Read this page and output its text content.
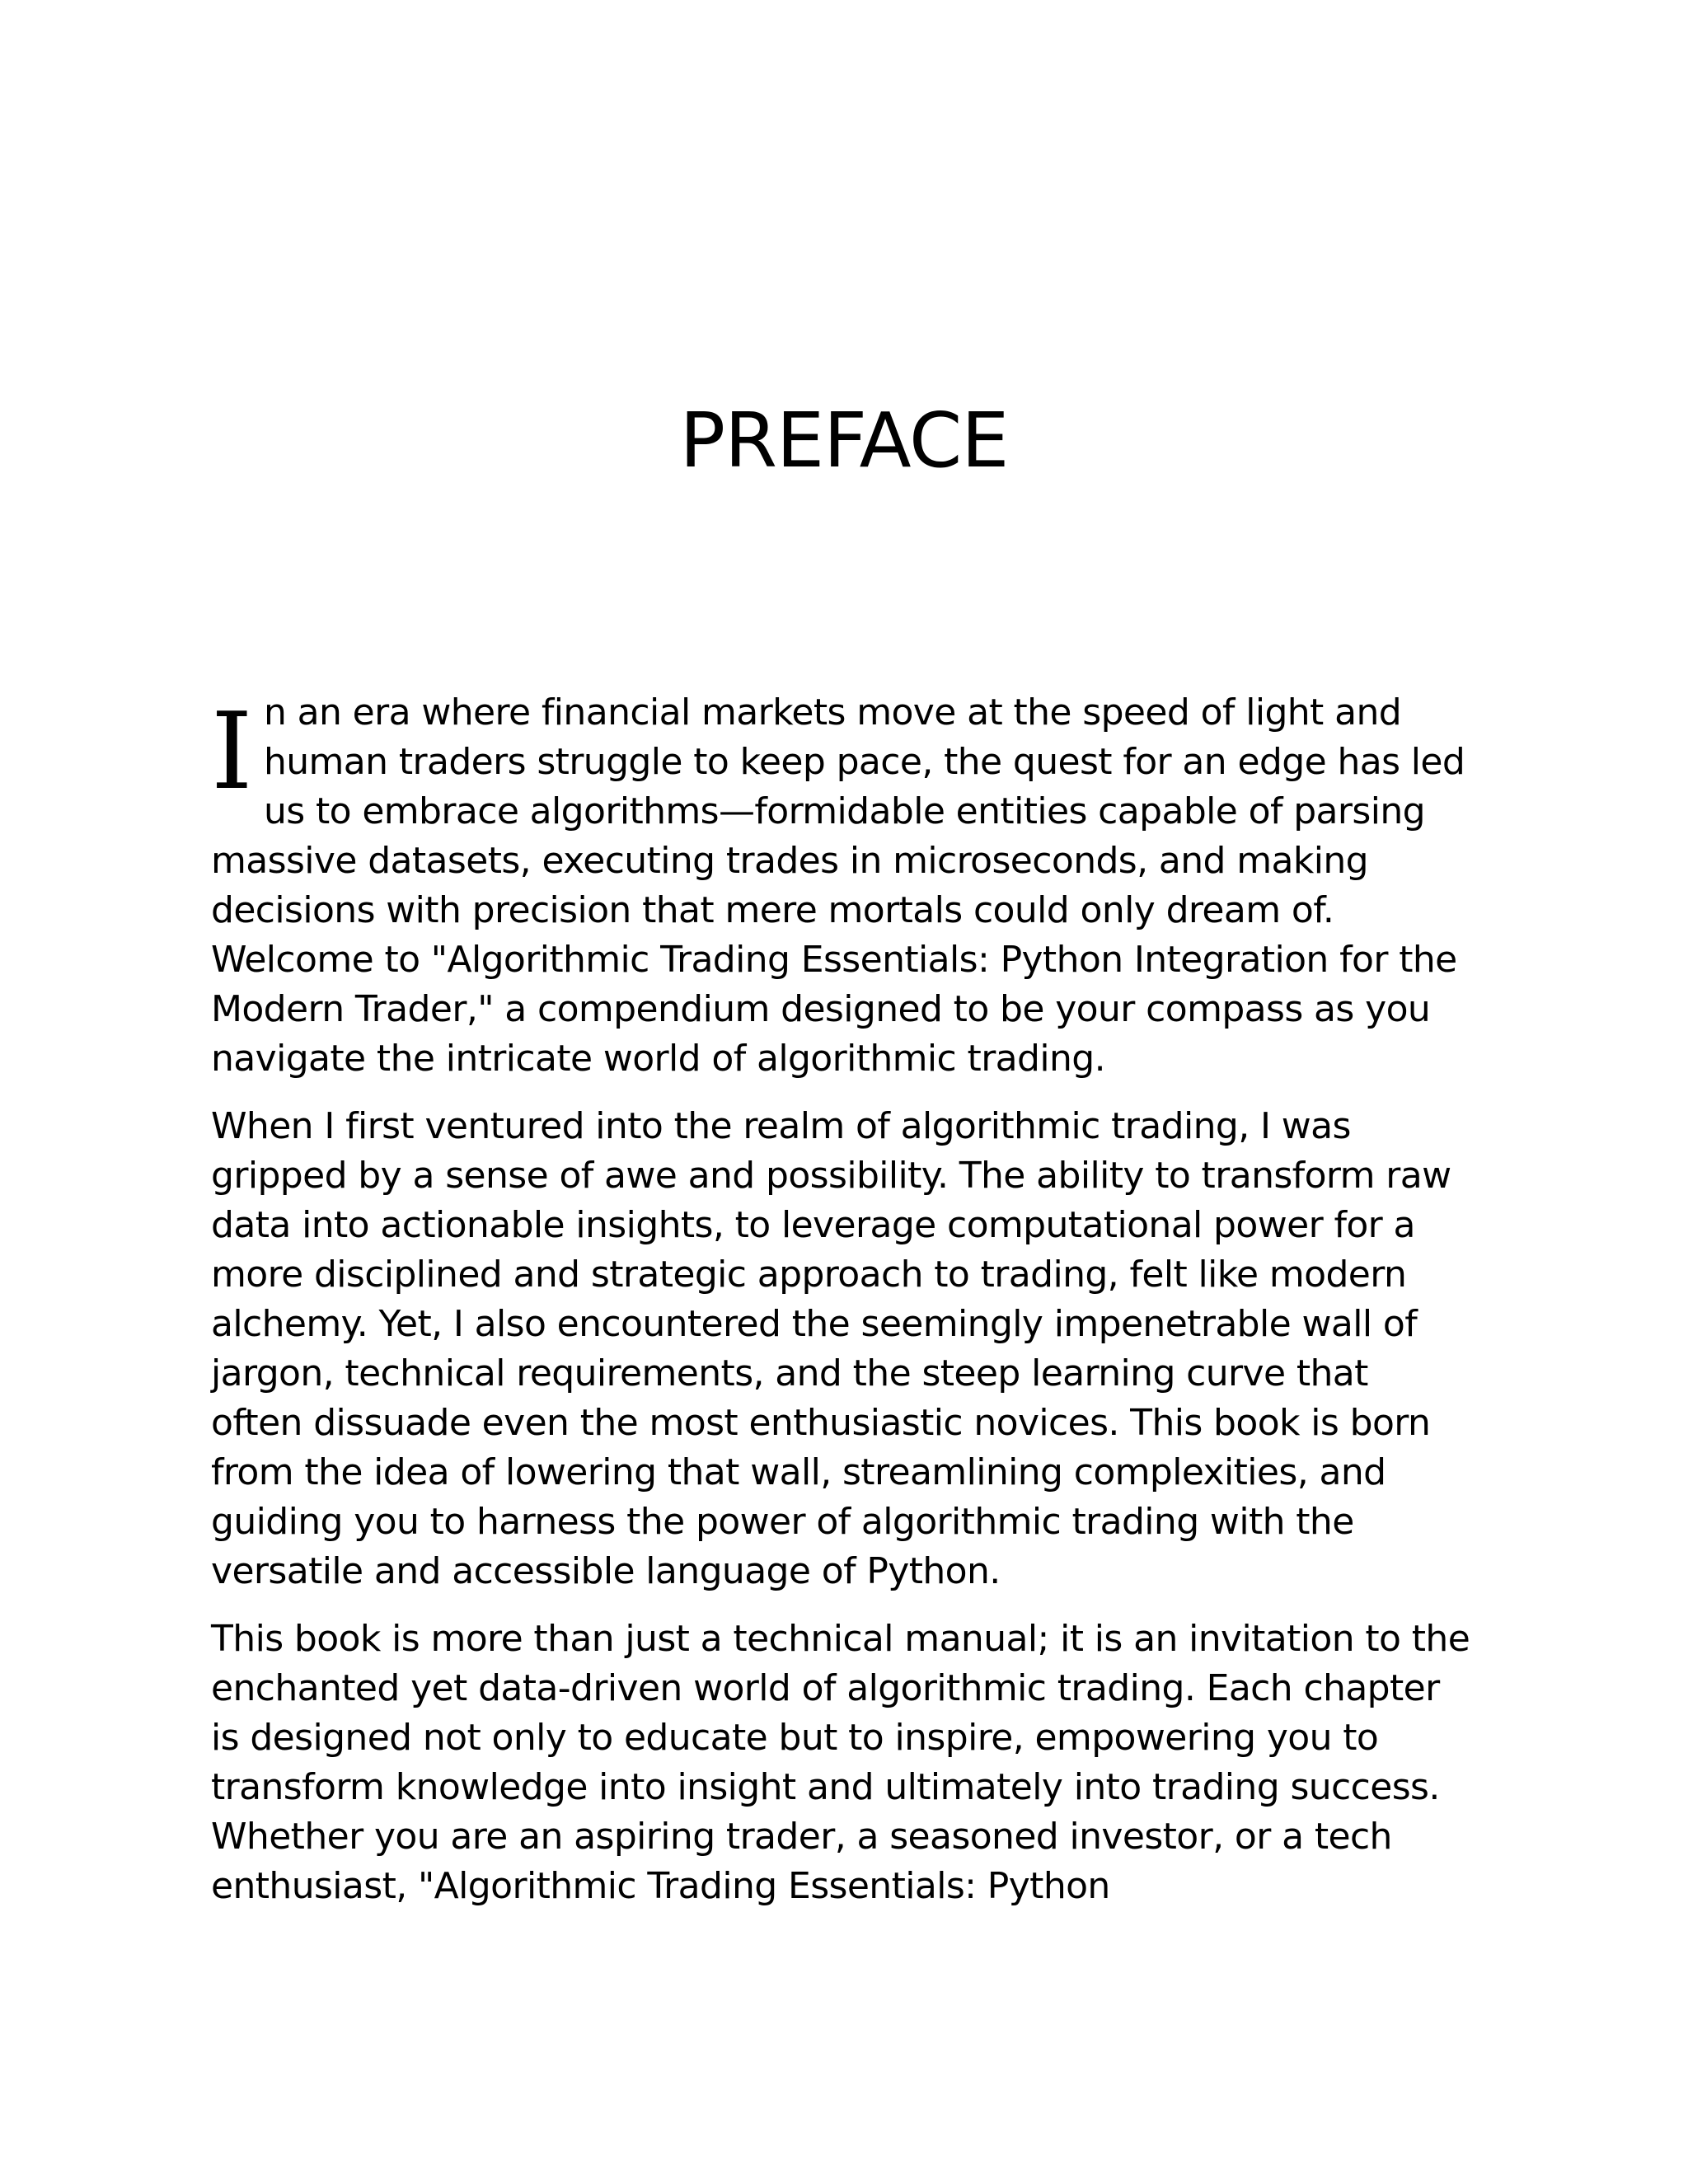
PREFACE

In an era where financial markets move at the speed of light and human traders struggle to keep pace, the quest for an edge has led us to embrace algorithms—formidable entities capable of parsing massive datasets, executing trades in microseconds, and making decisions with precision that mere mortals could only dream of. Welcome to "Algorithmic Trading Essentials: Python Integration for the Modern Trader," a compendium designed to be your compass as you navigate the intricate world of algorithmic trading.

When I first ventured into the realm of algorithmic trading, I was gripped by a sense of awe and possibility. The ability to transform raw data into actionable insights, to leverage computational power for a more disciplined and strategic approach to trading, felt like modern alchemy. Yet, I also encountered the seemingly impenetrable wall of jargon, technical requirements, and the steep learning curve that often dissuade even the most enthusiastic novices. This book is born from the idea of lowering that wall, streamlining complexities, and guiding you to harness the power of algorithmic trading with the versatile and accessible language of Python.

This book is more than just a technical manual; it is an invitation to the enchanted yet data-driven world of algorithmic trading. Each chapter is designed not only to educate but to inspire, empowering you to transform knowledge into insight and ultimately into trading success. Whether you are an aspiring trader, a seasoned investor, or a tech enthusiast, "Algorithmic Trading Essentials: Python
